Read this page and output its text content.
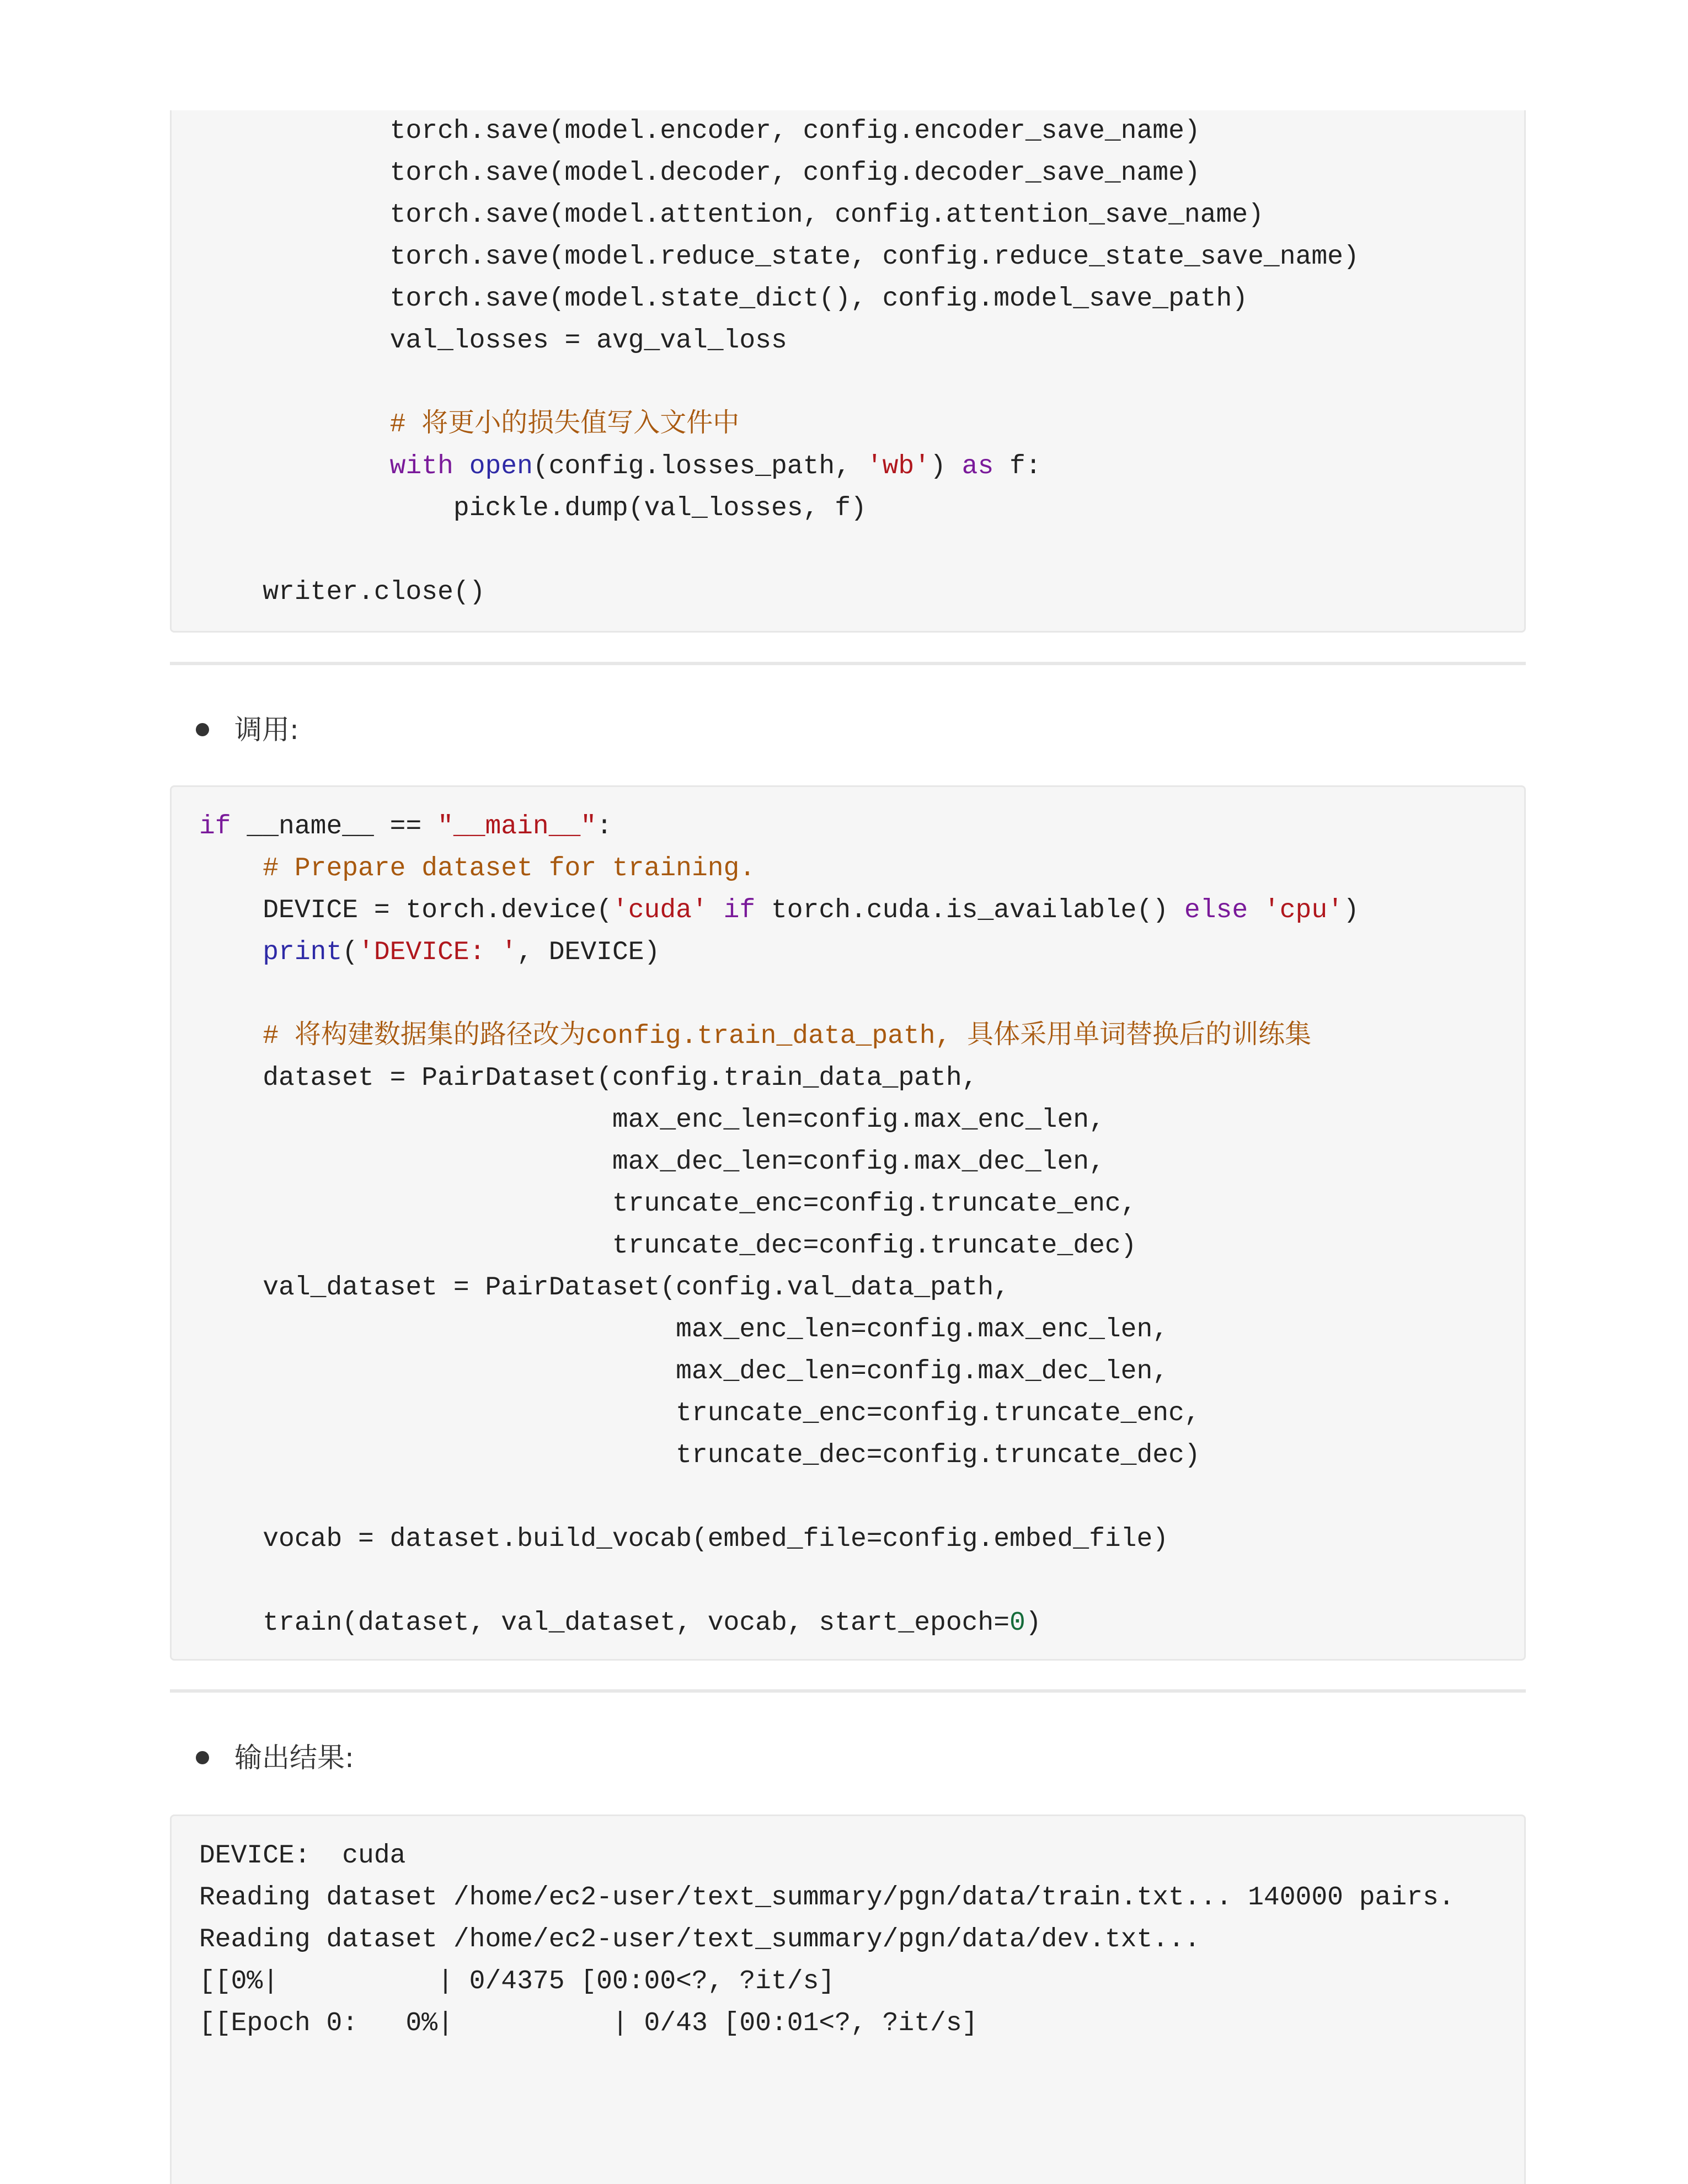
torch.save(model.encoder, config.encoder_save_name)
torch.save(model.decoder, config.decoder_save_name)
torch.save(model.attention, config.attention_save_name)
torch.save(model.reduce_state, config.reduce_state_save_name)
torch.save(model.state_dict(), config.model_save_path)
val_losses = avg_val_loss
# 将更小的损失值写入文件中
with open(config.losses_path, 'wb') as f:
pickle.dump(val_losses, f)
writer.close()
调用:
if __name__ == "__main__":
# Prepare dataset for training.
DEVICE = torch.device('cuda' if torch.cuda.is_available() else 'cpu')
print('DEVICE: ', DEVICE)
# 将构建数据集的路径改为config.train_data_path, 具体采用单词替换后的训练集
dataset = PairDataset(config.train_data_path,
max_enc_len=config.max_enc_len,
max_dec_len=config.max_dec_len,
truncate_enc=config.truncate_enc,
truncate_dec=config.truncate_dec)
val_dataset = PairDataset(config.val_data_path,
max_enc_len=config.max_enc_len,
max_dec_len=config.max_dec_len,
truncate_enc=config.truncate_enc,
truncate_dec=config.truncate_dec)
vocab = dataset.build_vocab(embed_file=config.embed_file)
train(dataset, val_dataset, vocab, start_epoch=0)
输出结果:
DEVICE:  cuda
Reading dataset /home/ec2-user/text_summary/pgn/data/train.txt... 140000 pairs.
Reading dataset /home/ec2-user/text_summary/pgn/data/dev.txt...
[[0%|          | 0/4375 [00:00<?, ?it/s]
[[Epoch 0:   0%|          | 0/43 [00:01<?, ?it/s]
